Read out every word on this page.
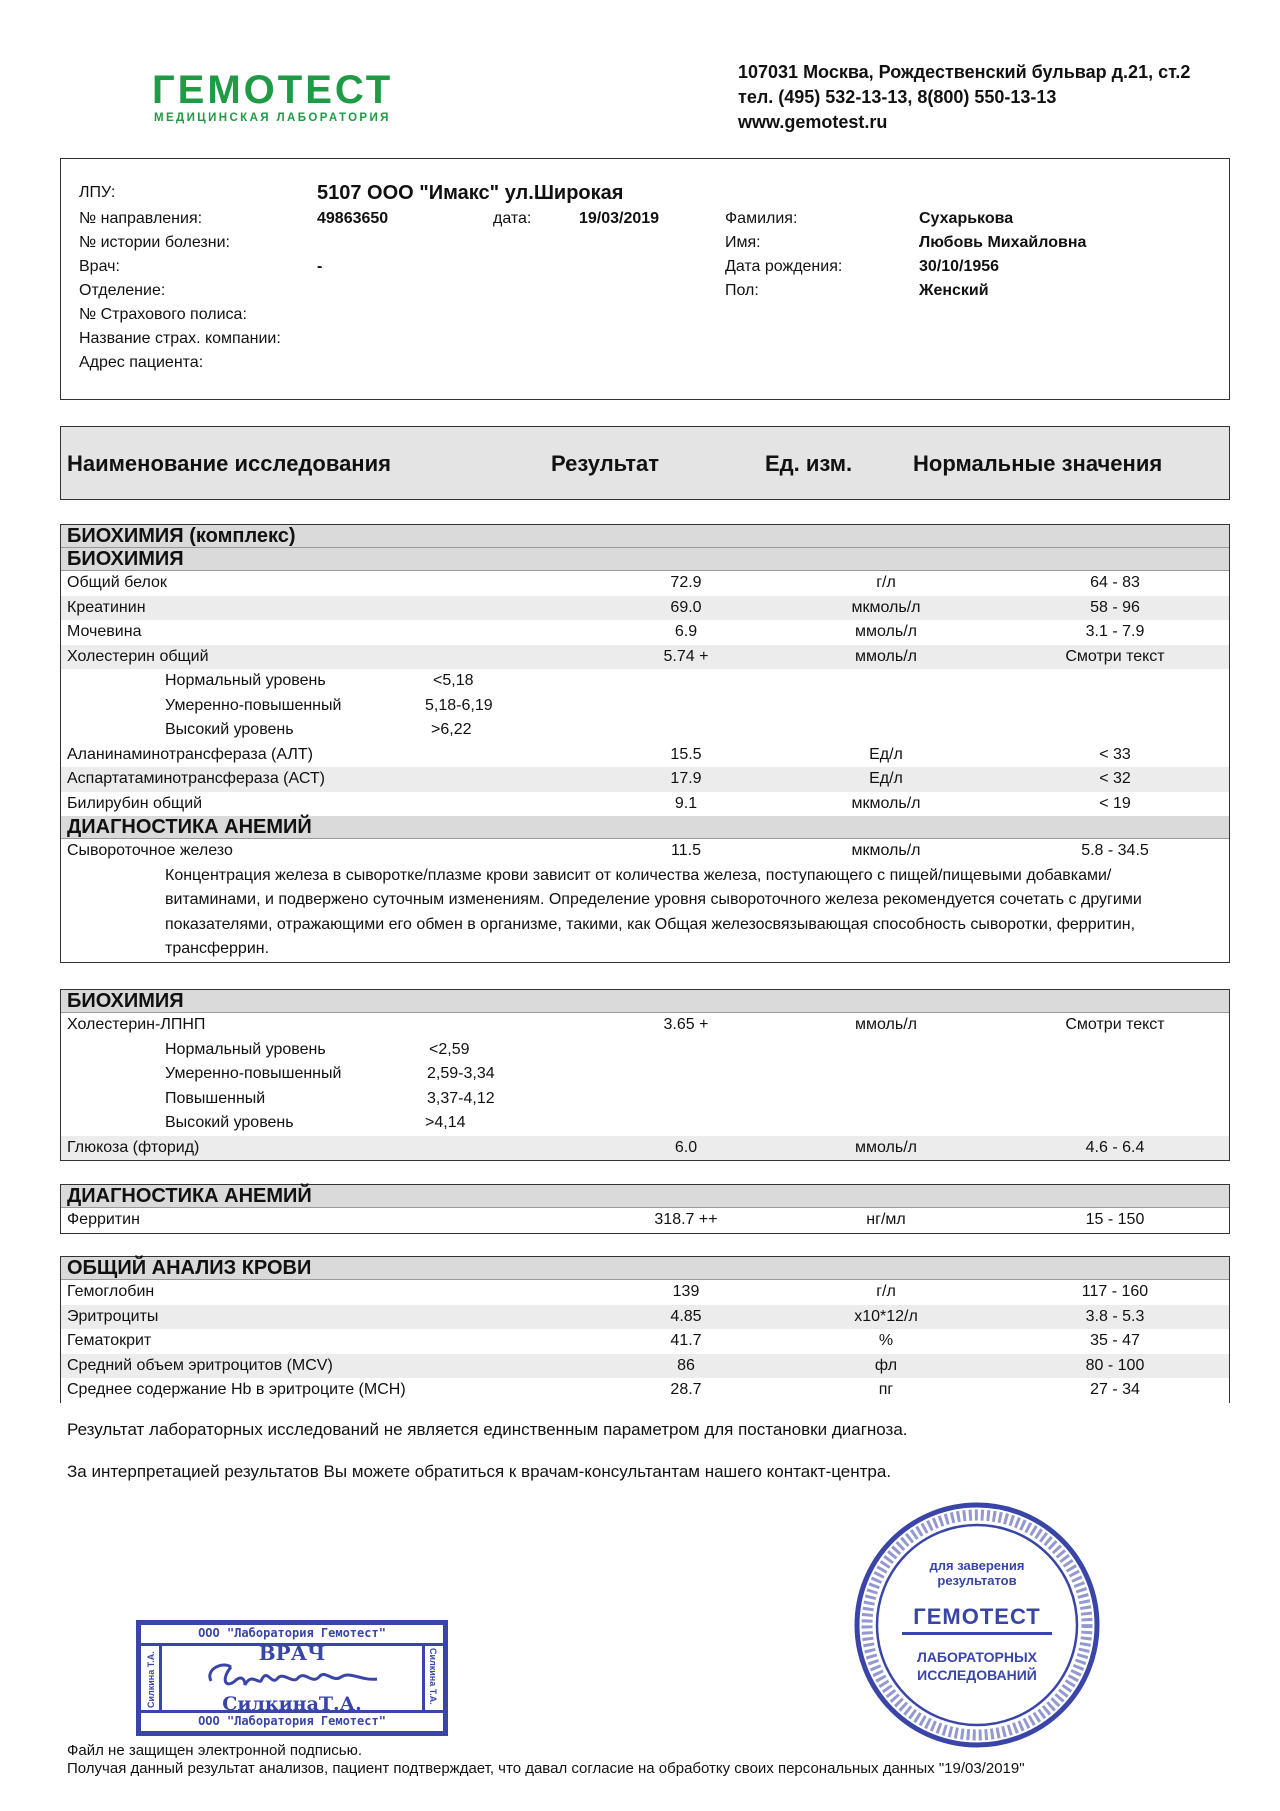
ГЕМОТЕСТ
МЕДИЦИНСКАЯ ЛАБОРАТОРИЯ
107031 Москва, Рождественский бульвар д.21, ст.2
тел. (495) 532-13-13, 8(800) 550-13-13
www.gemotest.ru
ЛПУ:	5107 ООО "Имакс" ул.Широкая
№ направления:	49863650	дата:	19/03/2019
№ истории болезни:
Врач:	-
Отделение:
№ Страхового полиса:
Название страх. компании:
Адрес пациента:
Фамилия:	Сухарькова
Имя:	Любовь Михайловна
Дата рождения:	30/10/1956
Пол:	Женский
Наименование исследования	Результат	Ед. изм.	Нормальные значения
БИОХИМИЯ (комплекс)
БИОХИМИЯ
Общий белок	72.9	г/л	64 - 83
Креатинин	69.0	мкмоль/л	58 - 96
Мочевина	6.9	ммоль/л	3.1 - 7.9
Холестерин общий	5.74 +	ммоль/л	Смотри текст
Нормальный уровень	<5,18
Умеренно-повышенный	5,18-6,19
Высокий уровень	>6,22
Аланинаминотрансфераза (АЛТ)	15.5	Ед/л	< 33
Аспартатаминотрансфераза (АСТ)	17.9	Ед/л	< 32
Билирубин общий	9.1	мкмоль/л	< 19
ДИАГНОСТИКА АНЕМИЙ
Сывороточное железо	11.5	мкмоль/л	5.8 - 34.5
Концентрация железа в сыворотке/плазме крови зависит от количества железа, поступающего с пищей/пищевыми добавками/витаминами, и подвержено суточным изменениям. Определение уровня сывороточного железа рекомендуется сочетать с другими показателями, отражающими его обмен в организме, такими, как Общая железосвязывающая способность сыворотки, ферритин, трансферрин.
БИОХИМИЯ
Холестерин-ЛПНП	3.65 +	ммоль/л	Смотри текст
Нормальный уровень	<2,59
Умеренно-повышенный	2,59-3,34
Повышенный	3,37-4,12
Высокий уровень	>4,14
Глюкоза (фторид)	6.0	ммоль/л	4.6 - 6.4
ДИАГНОСТИКА АНЕМИЙ
Ферритин	318.7 ++	нг/мл	15 - 150
ОБЩИЙ АНАЛИЗ КРОВИ
Гемоглобин	139	г/л	117 - 160
Эритроциты	4.85	x10*12/л	3.8 - 5.3
Гематокрит	41.7	%	35 - 47
Средний объем эритроцитов (MCV)	86	фл	80 - 100
Среднее содержание Hb в эритроците (MCH)	28.7	пг	27 - 34
Результат лабораторных исследований не является единственным параметром для постановки диагноза.
За интерпретацией результатов Вы можете обратиться к врачам-консультантам нашего контакт-центра.
ООО "Лаборатория Гемотест"
ООО "Лаборатория Гемотест"
Силкина Т.А.	Силкина Т.А.
ВРАЧ
СилкинаТ.А.
для заверения
результатов
ГЕМОТЕСТ
ЛАБОРАТОРНЫХ
ИССЛЕДОВАНИЙ
Файл не защищен электронной подписью.
Получая данный результат анализов, пациент подтверждает, что давал согласие на обработку своих персональных данных "19/03/2019"
